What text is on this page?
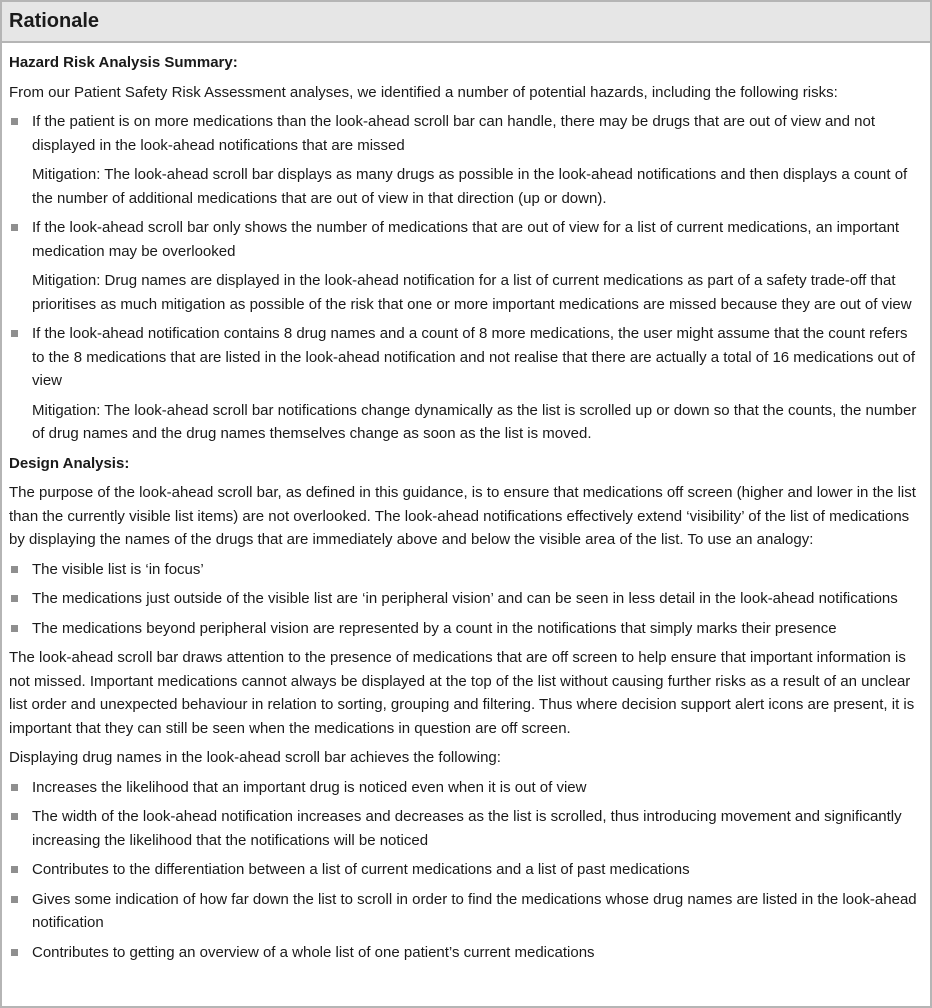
Rationale
Hazard Risk Analysis Summary:
From our Patient Safety Risk Assessment analyses, we identified a number of potential hazards, including the following risks:
If the patient is on more medications than the look-ahead scroll bar can handle, there may be drugs that are out of view and not displayed in the look-ahead notifications that are missed
Mitigation: The look-ahead scroll bar displays as many drugs as possible in the look-ahead notifications and then displays a count of the number of additional medications that are out of view in that direction (up or down).
If the look-ahead scroll bar only shows the number of medications that are out of view for a list of current medications, an important medication may be overlooked
Mitigation: Drug names are displayed in the look-ahead notification for a list of current medications as part of a safety trade-off that prioritises as much mitigation as possible of the risk that one or more important medications are missed because they are out of view
If the look-ahead notification contains 8 drug names and a count of 8 more medications, the user might assume that the count refers to the 8 medications that are listed in the look-ahead notification and not realise that there are actually a total of 16 medications out of view
Mitigation: The look-ahead scroll bar notifications change dynamically as the list is scrolled up or down so that the counts, the number of drug names and the drug names themselves change as soon as the list is moved.
Design Analysis:
The purpose of the look-ahead scroll bar, as defined in this guidance, is to ensure that medications off screen (higher and lower in the list than the currently visible list items) are not overlooked. The look-ahead notifications effectively extend ‘visibility’ of the list of medications by displaying the names of the drugs that are immediately above and below the visible area of the list. To use an analogy:
The visible list is ‘in focus’
The medications just outside of the visible list are ‘in peripheral vision’ and can be seen in less detail in the look-ahead notifications
The medications beyond peripheral vision are represented by a count in the notifications that simply marks their presence
The look-ahead scroll bar draws attention to the presence of medications that are off screen to help ensure that important information is not missed. Important medications cannot always be displayed at the top of the list without causing further risks as a result of an unclear list order and unexpected behaviour in relation to sorting, grouping and filtering. Thus where decision support alert icons are present, it is important that they can still be seen when the medications in question are off screen.
Displaying drug names in the look-ahead scroll bar achieves the following:
Increases the likelihood that an important drug is noticed even when it is out of view
The width of the look-ahead notification increases and decreases as the list is scrolled, thus introducing movement and significantly increasing the likelihood that the notifications will be noticed
Contributes to the differentiation between a list of current medications and a list of past medications
Gives some indication of how far down the list to scroll in order to find the medications whose drug names are listed in the look-ahead notification
Contributes to getting an overview of a whole list of one patient’s current medications
